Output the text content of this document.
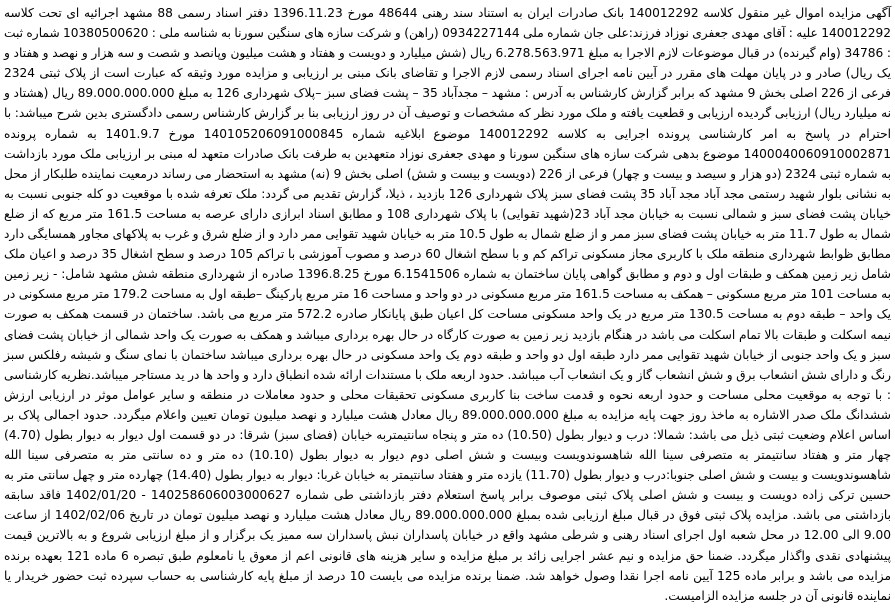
آگهی مزایده اموال غیر منقول کلاسه 140012292 بانک صادرات ایران به استناد سند رهنی 48644 مورخ 1396.11.23 دفتر اسناد رسمی 88 مشهد اجرائیه ای تحت کلاسه 140012292 علیه : آقای مهدی جعفری نوزاد فرزند:علی جان شماره ملی 0934227144 (راهن) و شرکت سازه های سنگین سورنا به شناسه ملی : 10380500620 شماره ثبت : 34786 (وام گیرنده) در قبال موضوعات لازم الاجرا به مبلغ 6.278.563.971 ریال (شش میلیارد و دویست و هفتاد و هشت میلیون وپانصد و شصت و سه هزار و نهصد و هفتاد و یک ریال) صادر و در پایان مهلت های مقرر در آیین نامه اجرای اسناد رسمی لازم الاجرا و تقاضای بانک مبنی بر ارزیابی و مزایده مورد وثیقه که عبارت است از پلاک ثبتی 2324 فرعی از 226 اصلی بخش 9 مشهد که برابر گزارش کارشناس به آدرس : مشهد – مجدآباد 35 – پشت فضای سبز –پلاک شهرداری 126 به مبلغ 89.000.000.000 ریال (هشتاد و نه میلیارد ریال) ارزیابی گردیده ارزیابی و قطعیت یافته و ملک مورد نظر که مشخصات و توصیف آن در روز ارزیابی بنا بر گزارش کارشناس رسمی دادگستری بدین شرح میباشد: با احترام در پاسخ به امر کارشناسی پرونده اجرایی به کلاسه 140012292 موضوع ابلاغیه شماره 140105206091000845 مورخ 1401.9.7 به شماره پرونده 1400040060910002871 موضوع بدهی شرکت سازه های سنگین سورنا و مهدی جعفری نوزاد متعهدین به طرفت بانک صادرات متعهد له مبنی بر ارزیابی ملک مورد بازداشت به شماره ثبتی 2324 (دو هزار و سیصد و بیست و چهار) فرعی از 226 (دویست و بیست و شش) اصلی بخش 9 (نه) مشهد به استحضار می رساند درمعیت نماینده طلبکار از محل به نشانی بلوار شهید رستمی مجد آباد مجد آباد 35 پشت فضای سبز پلاک شهرداری 126 بازدید ، ذیلا، گزارش تقدیم می گردد: ملک تعرفه شده با موقعیت دو کله جنوبی نسبت به خیابان پشت فضای سبز و شمالی نسبت به خیابان مجد آباد 23(شهید تقوایی) با پلاک شهرداری 108 و مطابق اسناد ابرازی دارای عرصه به مساحت 161.5 متر مربع که از ضلع شمال به طول 11.7 متر به خیابان پشت فضای سبز ممر و از ضلع شمال به طول 10.5 متر به خیابان شهید تقوایی ممر دارد و از ضلع شرق و غرب به پلاکهای مجاور همسایگی دارد مطابق ظوابط شهرداری منطقه ملک با کاربری مجاز مسکونی تراکم کم و با سطح اشغال 60 درصد و مصوب آموزشی با تراکم 105 درصد و سطح اشغال 35 درصد و اعیان ملک شامل زیر زمین همکف و طبقات اول و دوم و مطابق گواهی پایان ساختمان به شماره 6.1541506 مورخ 1396.8.25 صادره از شهرداری منطقه شش مشهد شامل: - زیر زمین به مساحت 101 متر مربع مسکونی – همکف به مساحت 161.5 متر مربع مسکونی در دو واحد و مساحت 16 متر مربع پارکینگ –طبقه اول به مساحت 179.2 متر مربع مسکونی در یک واحد – طبقه دوم به مساحت 130.5 متر مربع در یک واحد مسکونی مساحت کل اعیان طبق پایانکار صادره 572.2 متر مربع می باشد. ساختمان در قسمت همکف به صورت نیمه اسکلت و طبقات بالا تمام اسکلت می باشد در هنگام بازدید زیر زمین به صورت کارگاه در حال بهره برداری میباشد و همکف به صورت یک واحد شمالی از خیابان پشت فضای سبز و یک واحد جنوبی از خیابان شهید تقوایی ممر دارد طبقه اول دو واحد و طبقه دوم یک واحد مسکونی در حال بهره برداری میباشد ساختمان با نمای سنگ و شیشه رفلکس سبز رنگ و دارای شش انشعاب برق و شش انشعاب گاز و یک انشعاب آب میباشد. حدود اربعه ملک با مستندات ارائه شده انطباق دارد و واحد ها در ید مستاجر میباشد.نظریه کارشناسی : با توجه به موقعیت محلی مساحت و حدود اربعه نحوه و قدمت ساخت بنا کاربری مسکونی تحقیقات محلی و حدود معاملات در منطقه و سایر عوامل موثر در ارزیابی ارزش ششدانگ ملک صدر الاشاره به ماخذ روز جهت پایه مزایده به مبلغ 89.000.000.000 ریال معادل هشت میلیارد و نهصد میلیون تومان تعیین واعلام میگردد. حدود اجمالی پلاک بر اساس اعلام وضعیت ثبتی ذیل می باشد: شمالا: درب و دیوار بطول (10.50) ده متر و پنجاه سانتیمتربه خیابان (فضای سبز) شرقا: در دو قسمت اول دیوار به دیوار بطول (4.70) چهار متر و هفتاد سانتیمتر به متصرفی سینا الله شاهسوندویست وبیست و شش اصلی دوم دیوار به دیوار بطول (10.10) ده متر و ده سانتی متر به متصرفی سینا الله شاهسوندویست و بیست و شش اصلی جنوبا:درب و دیوار بطول (11.70) یازده متر و هفتاد سانتیمتر به خیابان غربا: دیوار به دیوار بطول (14.40) چهارده متر و چهل سانتی متر به حسین ترکی زاده دویست و بیست و شش اصلی پلاک ثبتی موصوف برابر پاسخ استعلام دفتر بازداشتی طی شماره 140258606003000627 - 1402/01/20 فاقد سابقه بازداشتی می باشد. مزایده پلاک ثبتی فوق در قبال مبلغ ارزیابی شده بمبلغ 89.000.000.000 ریال معادل هشت میلیارد و نهصد میلیون تومان در تاریخ 1402/02/06 از ساعت 9.00 الی 12.00 در محل شعبه اول اجرای اسناد رهنی و شرطی مشهد واقع در خیابان پاسداران نبش پاسداران سه ممیز یک برگزار و از مبلغ ارزیابی شروع و به بالاترین قیمت پیشنهادی نقدی واگذار میگردد. ضمنا حق مزایده و نیم عشر اجرایی زائد بر مبلغ مزایده و سایر هزینه های قانونی اعم از معوق یا نامعلوم طبق تبصره 6 ماده 121 بعهده برنده مزایده می باشد و برابر ماده 125 آیین نامه اجرا نقدا وصول خواهد شد. ضمنا برنده مزایده می بایست 10 درصد از مبلغ پایه کارشناسی به حساب سپرده ثبت حضور خریدار یا نماینده قانونی آن در جلسه مزایده الزامیست.
